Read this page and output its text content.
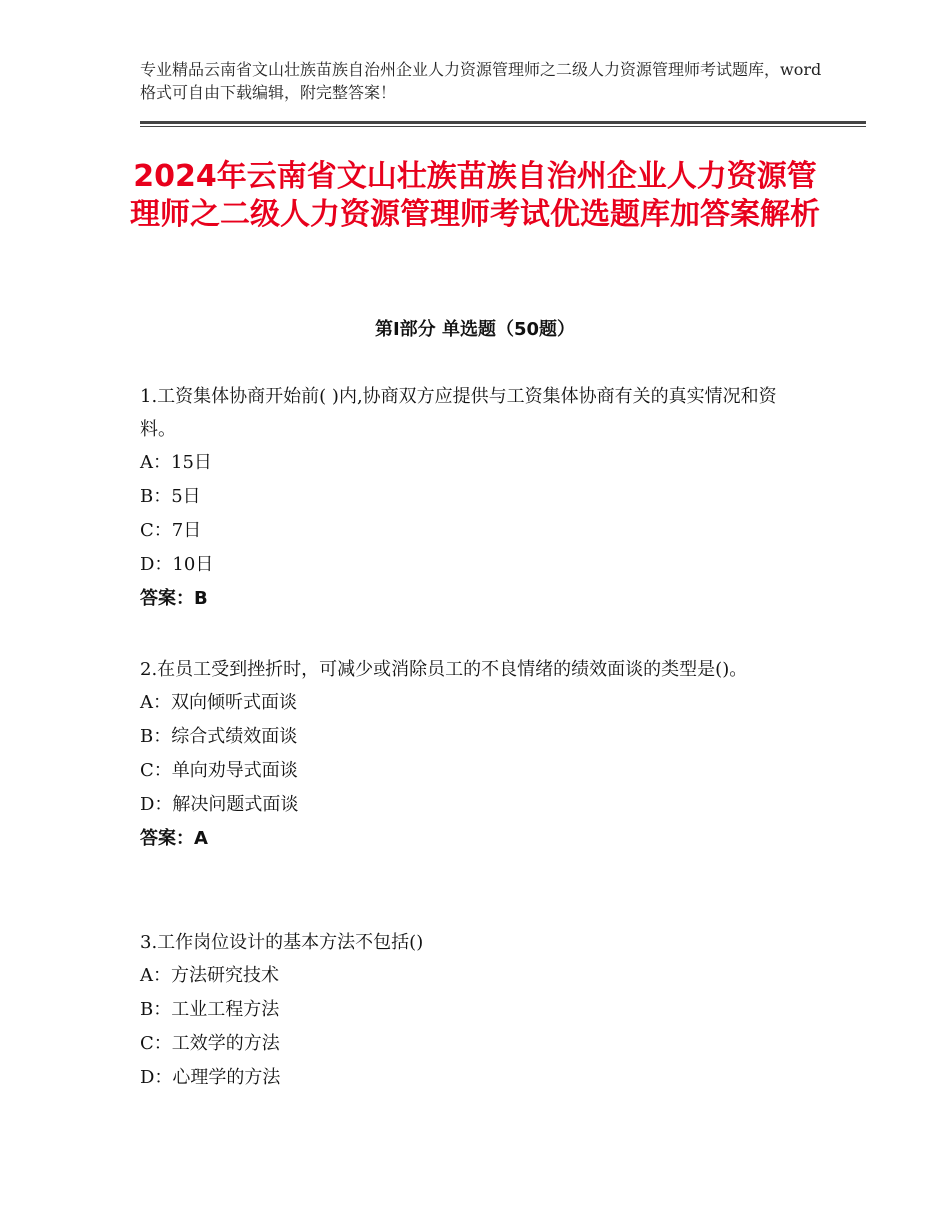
专业精品云南省文山壮族苗族自治州企业人力资源管理师之二级人力资源管理师考试题库，word格式可自由下载编辑，附完整答案！
2024年云南省文山壮族苗族自治州企业人力资源管理师之二级人力资源管理师考试优选题库加答案解析
第Ⅰ部分 单选题（50题）

1.工资集体协商开始前( )内,协商双方应提供与工资集体协商有关的真实情况和资料。

A：15日

B：5日

C：7日

D：10日

答案：B

2.在员工受到挫折时，可减少或消除员工的不良情绪的绩效面谈的类型是()。

A：双向倾听式面谈

B：综合式绩效面谈

C：单向劝导式面谈

D：解决问题式面谈

答案：A

3.工作岗位设计的基本方法不包括()

A：方法研究技术

B：工业工程方法

C：工效学的方法

D：心理学的方法
